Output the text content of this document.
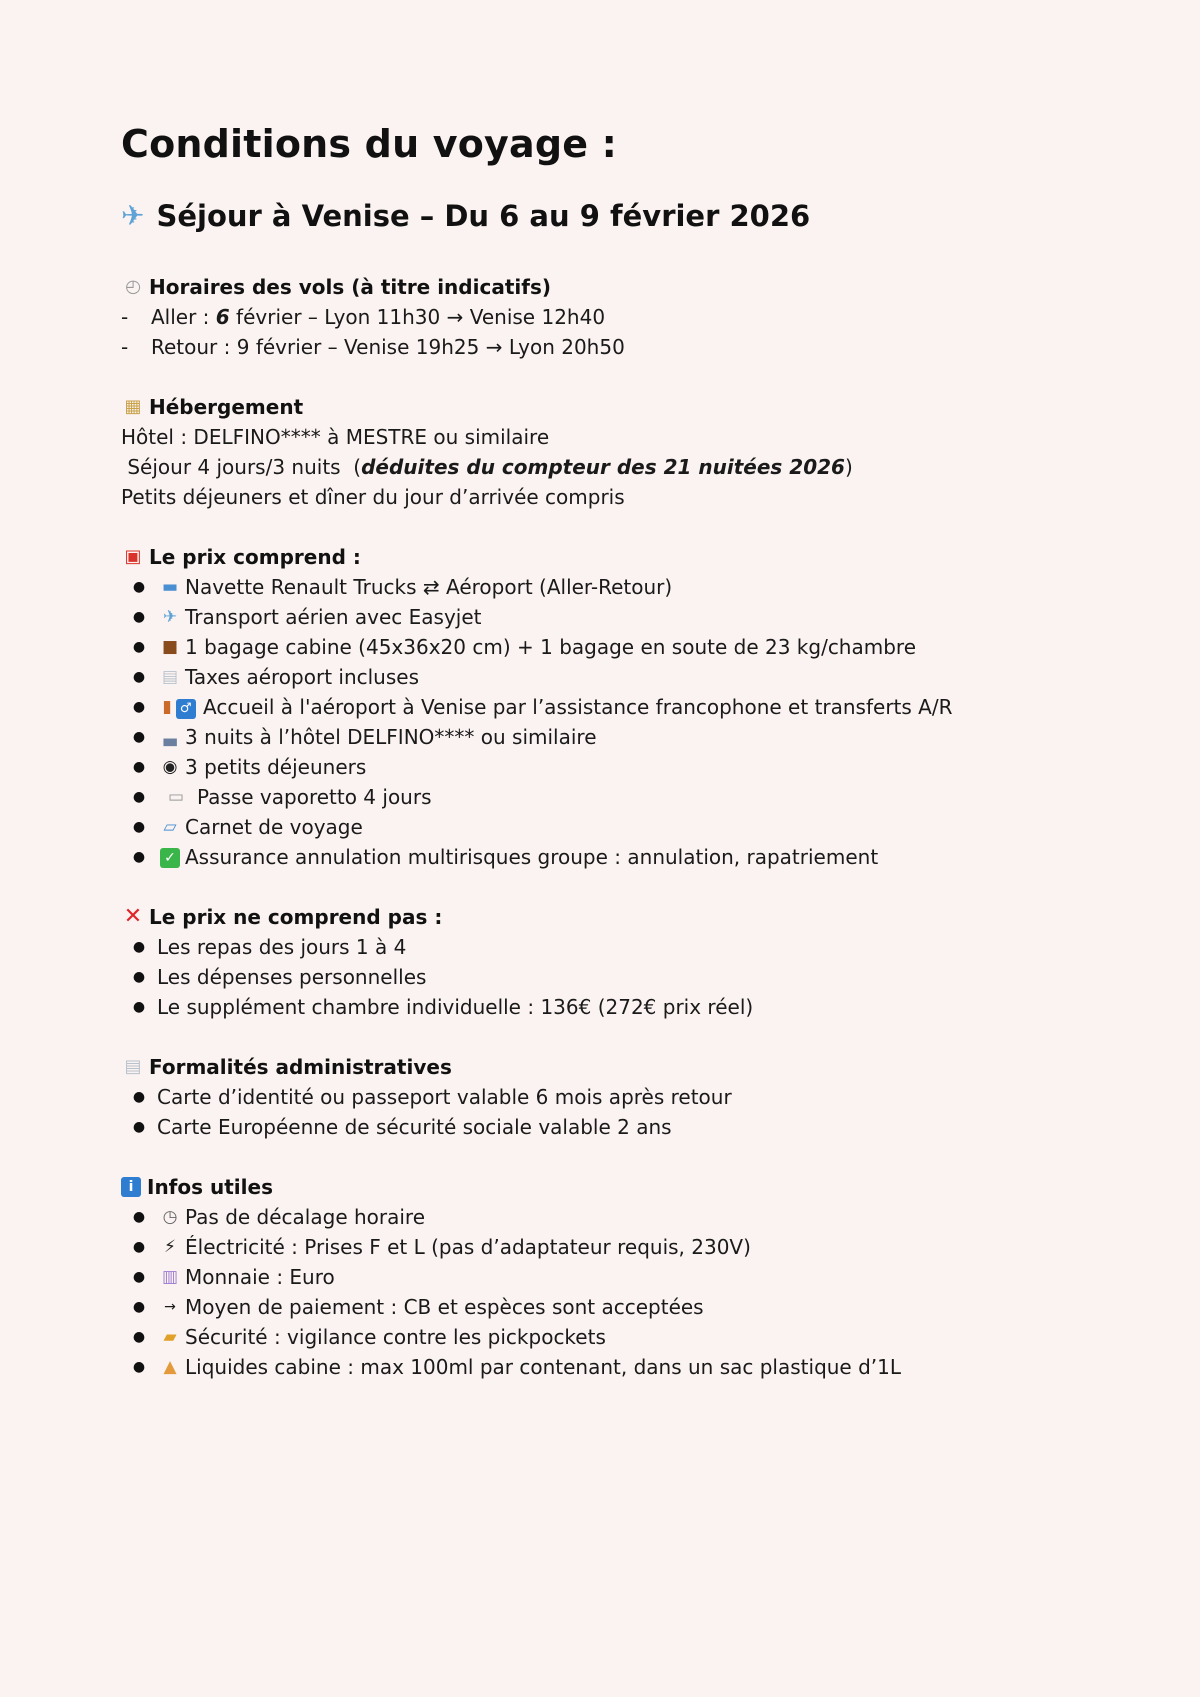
Conditions du voyage :
✈ Séjour à Venise – Du 6 au 9 février 2026
◴ Horaires des vols (à titre indicatifs)
-	Aller : 6 février – Lyon 11h30 → Venise 12h40
-	Retour : 9 février – Venise 19h25 → Lyon 20h50
▦ Hébergement
Hôtel : DELFINO**** à MESTRE ou similaire
Séjour 4 jours/3 nuits  (déduites du compteur des 21 nuitées 2026)
Petits déjeuners et dîner du jour d’arrivée compris
▣ Le prix comprend :
● ▬ Navette Renault Trucks ⇄ Aéroport (Aller-Retour)
●	✈ Transport aérien avec Easyjet
● ■ 1 bagage cabine (45x36x20 cm) + 1 bagage en soute de 23 kg/chambre
● ▤ Taxes aéroport incluses
●	▮ ♂ Accueil à l'aéroport à Venise par l’assistance francophone et transferts A/R
●	▃ 3 nuits à l’hôtel DELFINO**** ou similaire
●	◉ 3 petits déjeuners
●	▭ Passe vaporetto 4 jours
●	▱ Carnet de voyage
●	✓ Assurance annulation multirisques groupe : annulation, rapatriement
✕ Le prix ne comprend pas :
● Les repas des jours 1 à 4
● Les dépenses personnelles
● Le supplément chambre individuelle : 136€ (272€ prix réel)
▤ Formalités administratives
● Carte d’identité ou passeport valable 6 mois après retour
● Carte Européenne de sécurité sociale valable 2 ans
i Infos utiles
●	◷ Pas de décalage horaire
●	⚡ Électricité : Prises F et L (pas d’adaptateur requis, 230V)
● ▥ Monnaie : Euro
●	→ Moyen de paiement : CB et espèces sont acceptées
●	▰ Sécurité : vigilance contre les pickpockets
●	▲ Liquides cabine : max 100ml par contenant, dans un sac plastique d’1L
